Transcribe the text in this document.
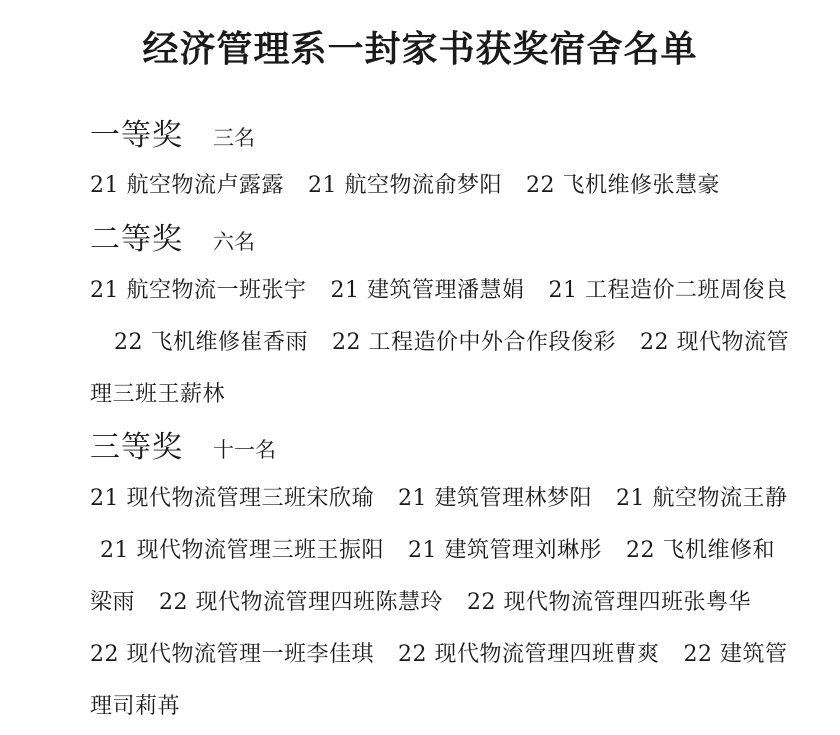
经济管理系一封家书获奖宿舍名单
一等奖 三名

21 航空物流卢露露 21 航空物流俞梦阳 22 飞机维修张慧豪

二等奖 六名

21 航空物流一班张宇 21 建筑管理潘慧娟 21 工程造价二班周俊良22 飞机维修崔香雨 22 工程造价中外合作段俊彩 22 现代物流管理三班王薪林

三等奖 十一名

21 现代物流管理三班宋欣瑜 21 建筑管理林梦阳 21 航空物流王静21 现代物流管理三班王振阳 21 建筑管理刘琳彤 22 飞机维修和梁雨 22 现代物流管理四班陈慧玲 22 现代物流管理四班张粤华22 现代物流管理一班李佳琪 22 现代物流管理四班曹爽 22 建筑管理司莉苒
